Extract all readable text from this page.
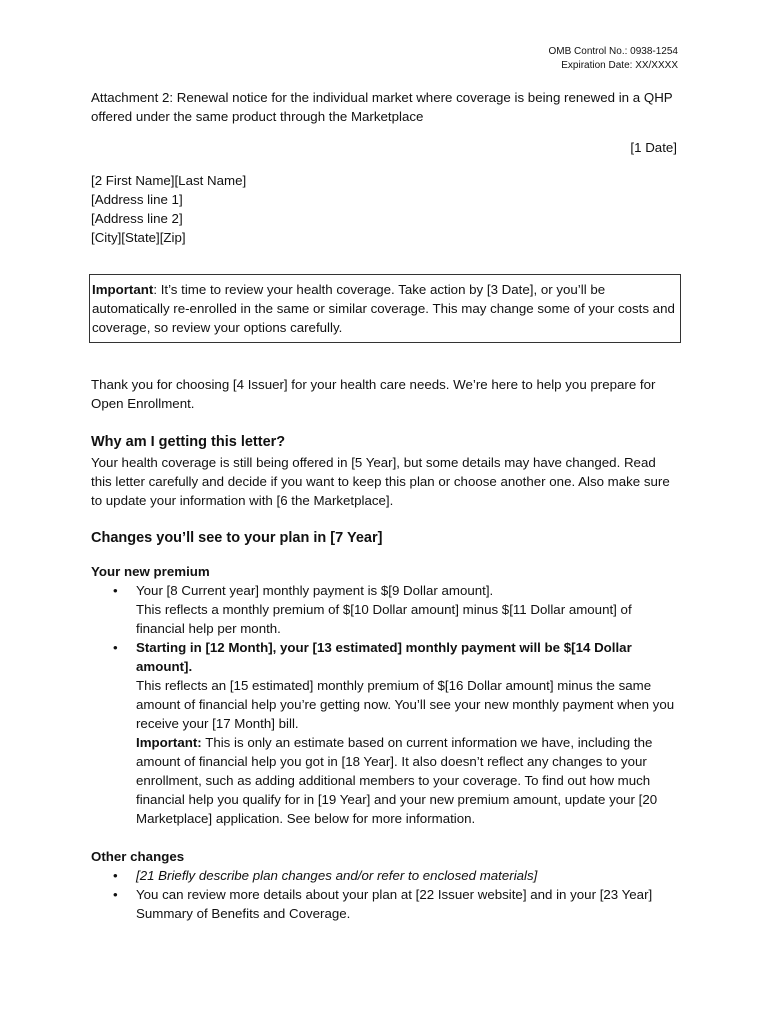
OMB Control No.: 0938-1254
Expiration Date: XX/XXXX

Attachment 2: Renewal notice for the individual market where coverage is being renewed in a QHP offered under the same product through the Marketplace

[1 Date]

[2 First Name][Last Name]
[Address line 1]
[Address line 2]
[City][State][Zip]
Important: It’s time to review your health coverage. Take action by [3 Date], or you’ll be automatically re-enrolled in the same or similar coverage. This may change some of your costs and coverage, so review your options carefully.

Thank you for choosing [4 Issuer] for your health care needs. We’re here to help you prepare for Open Enrollment.

Why am I getting this letter?

Your health coverage is still being offered in [5 Year], but some details may have changed. Read this letter carefully and decide if you want to keep this plan or choose another one. Also make sure to update your information with [6 the Marketplace].

Changes you’ll see to your plan in [7 Year]
Your new premium
• Your [8 Current year] monthly payment is $[9 Dollar amount].
This reflects a monthly premium of $[10 Dollar amount] minus $[11 Dollar amount] of financial help per month.
• Starting in [12 Month], your [13 estimated] monthly payment will be $[14 Dollar amount].
This reflects an [15 estimated] monthly premium of $[16 Dollar amount] minus the same amount of financial help you’re getting now. You’ll see your new monthly payment when you receive your [17 Month] bill.
Important: This is only an estimate based on current information we have, including the amount of financial help you got in [18 Year]. It also doesn’t reflect any changes to your enrollment, such as adding additional members to your coverage. To find out how much financial help you qualify for in [19 Year] and your new premium amount, update your [20 Marketplace] application. See below for more information.
Other changes
• [21 Briefly describe plan changes and/or refer to enclosed materials]
• You can review more details about your plan at [22 Issuer website] and in your [23 Year] Summary of Benefits and Coverage.
